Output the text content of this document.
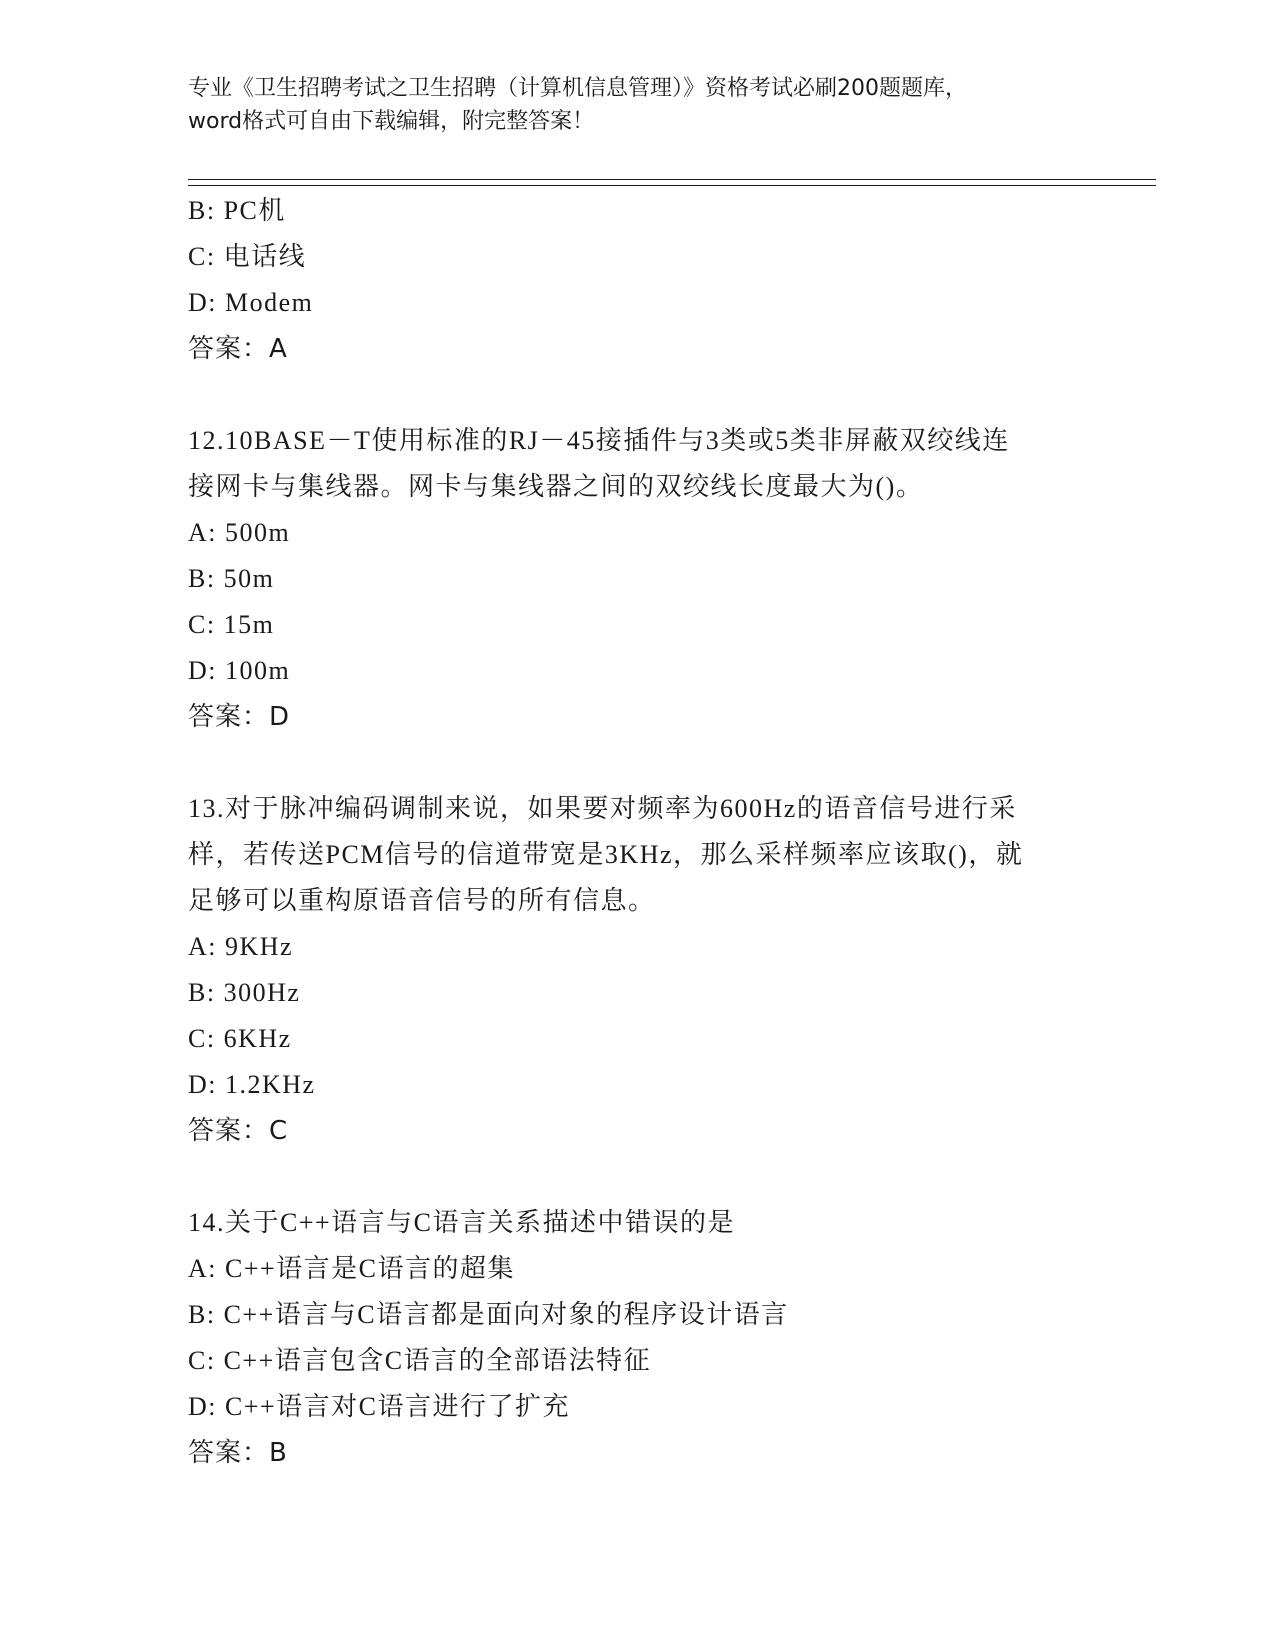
专业《卫生招聘考试之卫生招聘（计算机信息管理）》资格考试必刷200题题库，

word格式可自由下载编辑，附完整答案！

B: PC机
C: 电话线
D: Modem
答案：A
12.10BASE－T使用标准的RJ－45接插件与3类或5类非屏蔽双绞线连
接网卡与集线器。网卡与集线器之间的双绞线长度最大为()。
A: 500m
B: 50m
C: 15m
D: 100m
答案：D
13.对于脉冲编码调制来说，如果要对频率为600Hz的语音信号进行采
样，若传送PCM信号的信道带宽是3KHz，那么采样频率应该取()，就
足够可以重构原语音信号的所有信息。
A: 9KHz
B: 300Hz
C: 6KHz
D: 1.2KHz
答案：C
14.关于C++语言与C语言关系描述中错误的是
A: C++语言是C语言的超集
B: C++语言与C语言都是面向对象的程序设计语言
C: C++语言包含C语言的全部语法特征
D: C++语言对C语言进行了扩充
答案：B
